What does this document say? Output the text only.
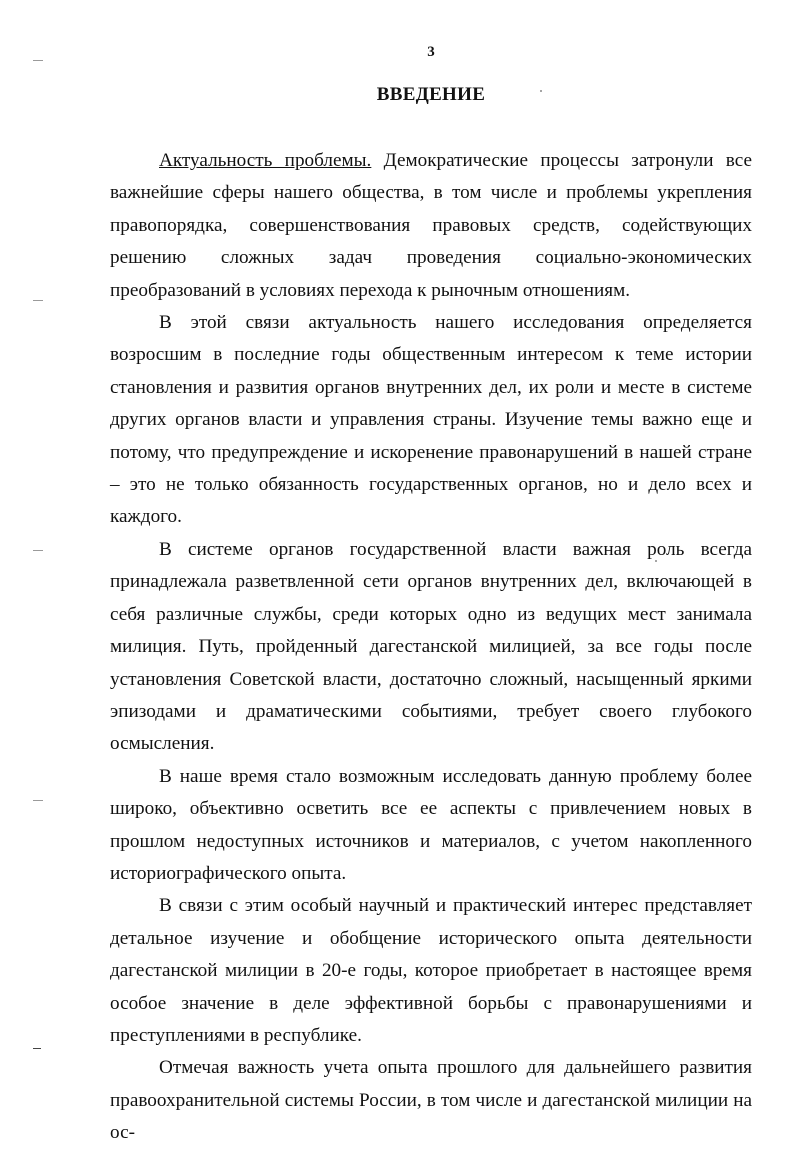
3
ВВЕДЕНИЕ

Актуальность проблемы. Демократические процессы затронули все важнейшие сферы нашего общества, в том числе и проблемы укрепления правопорядка, совершенствования правовых средств, содействующих решению сложных задач проведения социально-экономических преобразований в условиях перехода к рыночным отношениям.

В этой связи актуальность нашего исследования определяется возросшим в последние годы общественным интересом к теме истории становления и развития органов внутренних дел, их роли и месте в системе других органов власти и управления страны. Изучение темы важно еще и потому, что предупреждение и искоренение правонарушений в нашей стране – это не только обязанность государственных органов, но и дело всех и каждого.

В системе органов государственной власти важная роль всегда принадлежала разветвленной сети органов внутренних дел, включающей в себя различные службы, среди которых одно из ведущих мест занимала милиция. Путь, пройденный дагестанской милицией, за все годы после установления Советской власти, достаточно сложный, насыщенный яркими эпизодами и драматическими событиями, требует своего глубокого осмысления.

В наше время стало возможным исследовать данную проблему более широко, объективно осветить все ее аспекты с привлечением новых в прошлом недоступных источников и материалов, с учетом накопленного историографического опыта.

В связи с этим особый научный и практический интерес представляет детальное изучение и обобщение исторического опыта деятельности дагестанской милиции в 20-е годы, которое приобретает в настоящее время особое значение в деле эффективной борьбы с правонарушениями и преступлениями в республике.

Отмечая важность учета опыта прошлого для дальнейшего развития правоохранительной системы России, в том числе и дагестанской милиции на ос-
